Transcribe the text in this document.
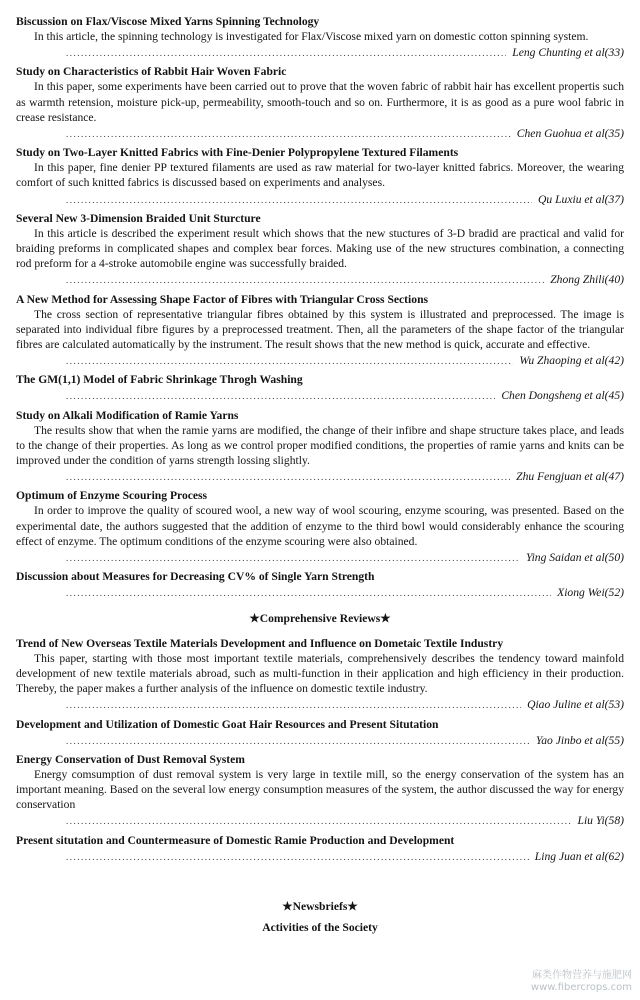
Biscussion on Flax/Viscose Mixed Yarns Spinning Technology

In this article, the spinning technology is investigated for Flax/Viscose mixed yarn on domestic cotton spinning system.

.....
Leng Chunting et al(33)

Study on Characteristics of Rabbit Hair Woven Fabric

In this paper, some experiments have been carried out to prove that the woven fabric of rabbit hair has excellent propertis such as warmth retension, moisture pick-up, permeability, smooth-touch and so on. Furthermore, it is as good as a pure wool fabric in crease resistance.

.....
Chen Guohua et al(35)

Study on Two-Layer Knitted Fabrics with Fine-Denier Polypropylene Textured Filaments

In this paper, fine denier PP textured filaments are used as raw material for two-layer knitted fabrics. Moreover, the wearing comfort of such knitted fabrics is discussed based on experiments and analyses.

.....
Qu Luxiu et al(37)

Several New 3-Dimension Braided Unit Sturcture

In this article is described the experiment result which shows that the new stuctures of 3-D bradid are practical and valid for braiding preforms in complicated shapes and complex bear forces. Making use of the new structures combination, a connecting rod preform for a 4-stroke automobile engine was successfully braided.

.....
Zhong Zhili(40)

A New Method for Assessing Shape Factor of Fibres with Triangular Cross Sections

The cross section of representative triangular fibres obtained by this system is illustrated and preprocessed. The image is separated into individual fibre figures by a preprocessed treatment. Then, all the parameters of the shape factor of the triangular fibres are calculated automatically by the instrument. The result shows that the new method is quick, accurate and effective.

.....
Wu Zhaoping et al(42)

The GM(1,1) Model of Fabric Shrinkage Throgh Washing

.....
Chen Dongsheng et al(45)

Study on Alkali Modification of Ramie Yarns

The results show that when the ramie yarns are modified, the change of their infibre and shape structure takes place, and leads to the change of their properties. As long as we control proper modified conditions, the properties of ramie yarns and knits can be improved under the condition of yarns strength lossing slightly.

.....
Zhu Fengjuan et al(47)

Optimum of Enzyme Scouring Process

In order to improve the quality of scoured wool, a new way of wool scouring, enzyme scouring, was presented. Based on the experimental date, the authors suggested that the addition of enzyme to the third bowl would considerably enhance the scouring effect of enzyme. The optimum conditions of the enzyme scouring were also obtained.

.....
Ying Saidan et al(50)

Discussion about Measures for Decreasing CV% of Single Yarn Strength

.....
Xiong Wei(52)
★Comprehensive Reviews★

Trend of New Overseas Textile Materials Development and Influence on Dometaic Textile Industry

This paper, starting with those most important textile materials, comprehensively describes the tendency toward mainfold development of new textile materials abroad, such as multi-function in their application and high efficiency in their production. Thereby, the paper makes a further analysis of the influence on domestic textile industry.

.....
Qiao Juline et al(53)

Development and Utilization of Domestic Goat Hair Resources and Present Situtation

.....
Yao Jinbo et al(55)

Energy Conservation of Dust Removal System

Energy comsumption of dust removal system is very large in textile mill, so the energy conservation of the system has an important meaning. Based on the several low energy consumption measures of the system, the author discussed the way for energy conservation

.....
Liu Yi(58)

Present situtation and Countermeasure of Domestic Ramie Production and Development

.....
Ling Juan et al(62)
★Newsbriefs★
Activities of the Society
麻类作物营养与施肥网
www.fibercrops.com
